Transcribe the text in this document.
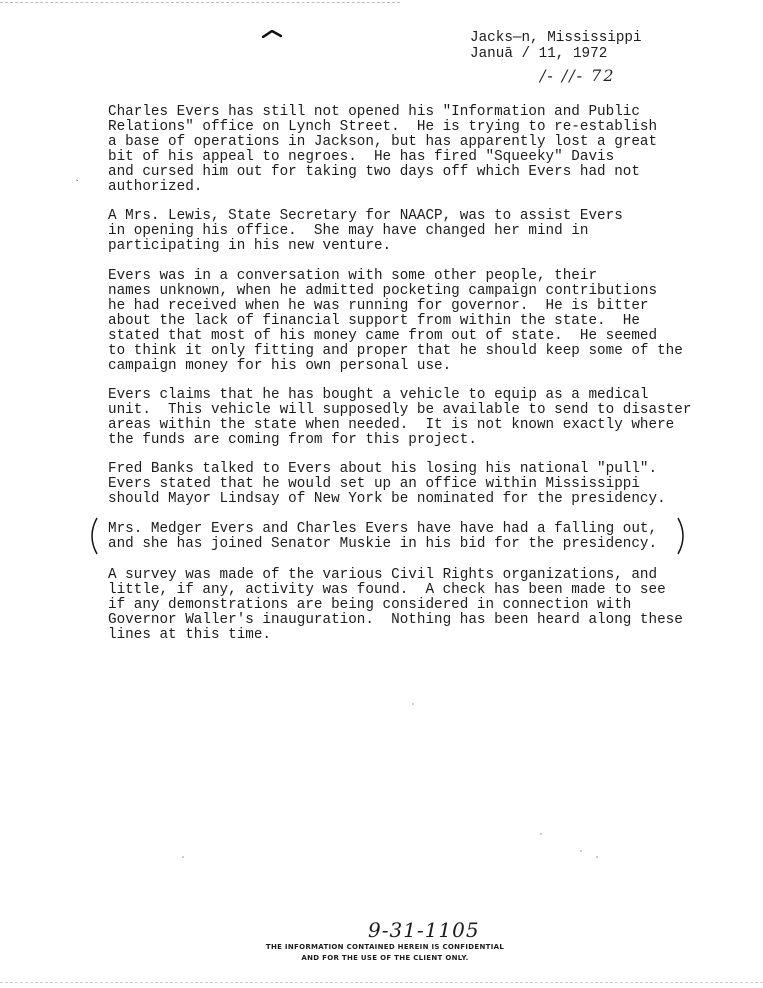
Jacks—n, Mississippi
Januā / 11, 1972
/- //- 72
`

Charles Evers has still not opened his "Information and Public
Relations" office on Lynch Street.  He is trying to re-establish
a base of operations in Jackson, but has apparently lost a great
bit of his appeal to negroes.  He has fired "Squeeky" Davis
and cursed him out for taking two days off which Evers had not
authorized.

A Mrs. Lewis, State Secretary for NAACP, was to assist Evers
in opening his office.  She may have changed her mind in
participating in his new venture.

Evers was in a conversation with some other people, their
names unknown, when he admitted pocketing campaign contributions
he had received when he was running for governor.  He is bitter
about the lack of financial support from within the state.  He
stated that most of his money came from out of state.  He seemed
to think it only fitting and proper that he should keep some of the
campaign money for his own personal use.

Evers claims that he has bought a vehicle to equip as a medical
unit.  This vehicle will supposedly be available to send to disaster
areas within the state when needed.  It is not known exactly where
the funds are coming from for this project.

Fred Banks talked to Evers about his losing his national "pull".
Evers stated that he would set up an office within Mississippi
should Mayor Lindsay of New York be nominated for the presidency.

Mrs. Medger Evers and Charles Evers have have had a falling out,
and she has joined Senator Muskie in his bid for the presidency.

A survey was made of the various Civil Rights organizations, and
little, if any, activity was found.  A check has been made to see
if any demonstrations are being considered in connection with
Governor Waller's inauguration.  Nothing has been heard along these
lines at this time.

9-31-1105
THE INFORMATION CONTAINED HEREIN IS CONFIDENTIAL
AND FOR THE USE OF THE CLIENT ONLY.
